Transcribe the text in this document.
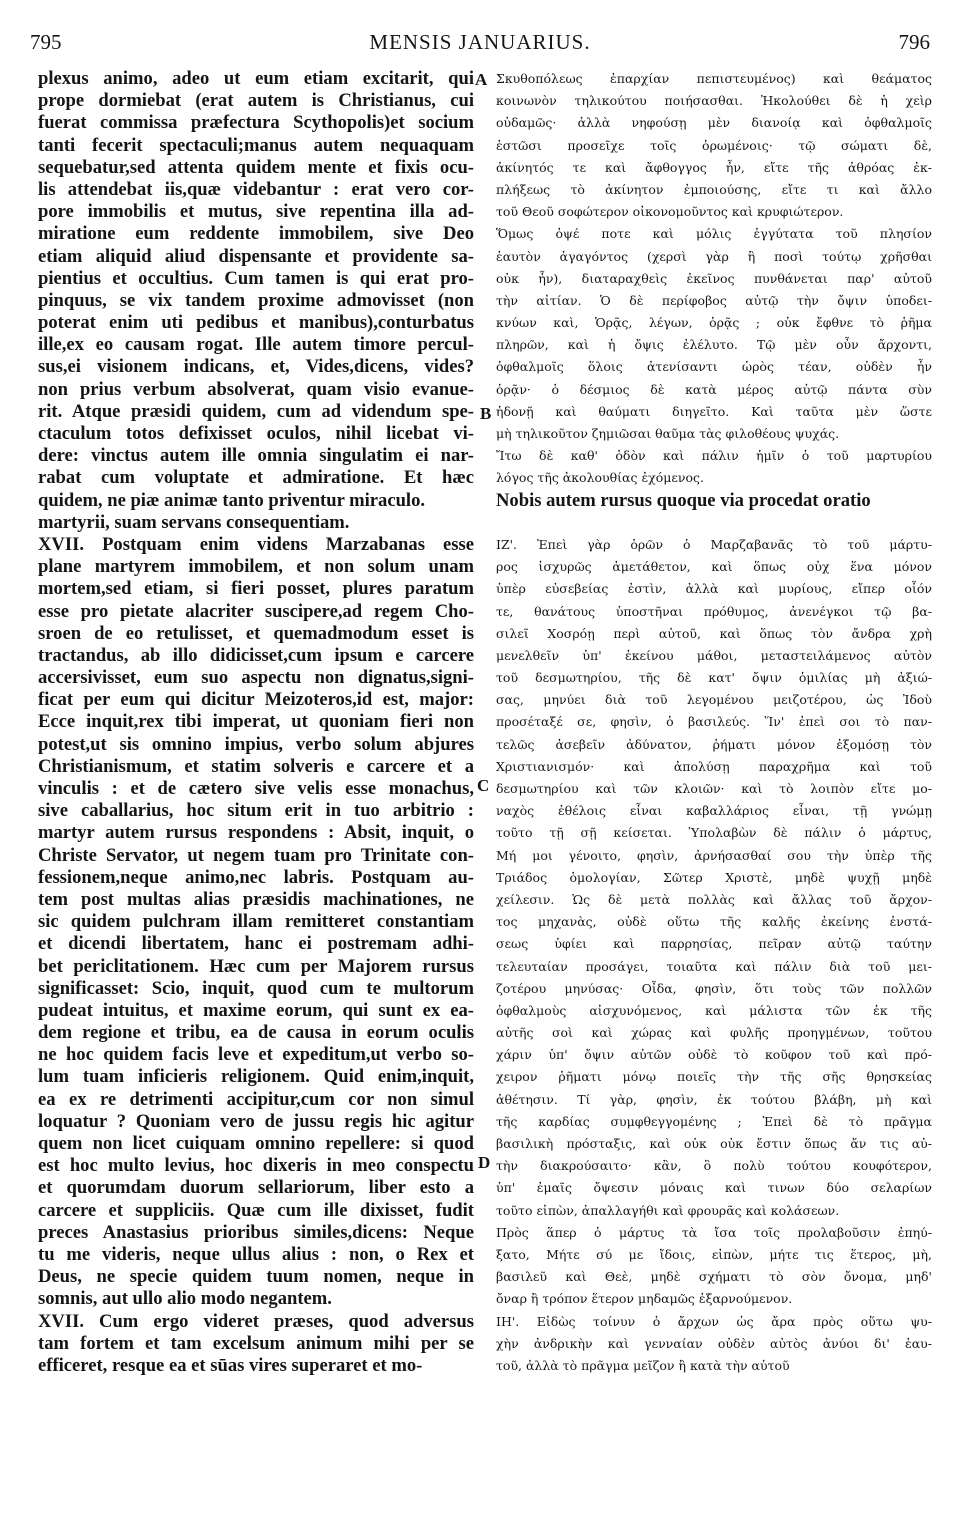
795	MENSIS JANUARIUS.	796
plexus animo, adeo ut eum etiam excitarit, qui
prope dormiebat (erat autem is Christianus, cui
fuerat commissa præfectura Scythopolis)et socium
tanti fecerit spectaculi;manus autem nequaquam
sequebatur,sed attenta quidem mente et fixis ocu-
lis attendebat iis,quæ videbantur : erat vero cor-
pore immobilis et mutus, sive repentina illa ad-
miratione eum reddente immobilem, sive Deo
etiam aliquid aliud dispensante et providente sa-
pientius et occultius. Cum tamen is qui erat pro-
pinquus, se vix tandem proxime admovisset (non
poterat enim uti pedibus et manibus),conturbatus
ille,ex eo causam rogat. Ille autem timore percul-
sus,ei visionem indicans, et, Vides,dicens, vides?
non prius verbum absolverat, quam visio evanue-
rit. Atque præsidi quidem, cum ad videndum spe-
ctaculum totos defixisset oculos, nihil licebat vi-
dere: vinctus autem ille omnia singulatim ei nar-
rabat cum voluptate et admiratione. Et hæc
quidem, ne piæ animæ tanto priventur miraculo.
martyrii, suam servans consequentiam.
XVII. Postquam enim videns Marzabanas esse
plane martyrem immobilem, et non solum unam
mortem,sed etiam, si fieri posset, plures paratum
esse pro pietate alacriter suscipere,ad regem Cho-
sroen de eo retulisset, et quemadmodum esset is
tractandus, ab illo didicisset,cum ipsum e carcere
accersivisset, eum suo aspectu non dignatus,signi-
ficat per eum qui dicitur Meizoteros,id est, major:
Ecce inquit,rex tibi imperat, ut quoniam fieri non
potest,ut sis omnino impius, verbo solum abjures
Christianismum, et statim solveris e carcere et a
vinculis : et de cætero sive velis esse monachus,
sive caballarius, hoc situm erit in tuo arbitrio :
martyr autem rursus respondens : Absit, inquit, o
Christe Servator, ut negem tuam pro Trinitate con-
fessionem,neque animo,nec labris. Postquam au-
tem post multas alias præsidis machinationes, ne
sic quidem pulchram illam remitteret constantiam
et dicendi libertatem, hanc ei postremam adhi-
bet periclitationem. Hæc cum per Majorem rursus
significasset: Scio, inquit, quod cum te multorum
pudeat intuitus, et maxime eorum, qui sunt ex ea-
dem regione et tribu, ea de causa in eorum oculis
ne hoc quidem facis leve et expeditum,ut verbo so-
lum tuam inficieris religionem. Quid enim,inquit,
ea ex re detrimenti accipitur,cum cor non simul
loquatur ? Quoniam vero de jussu regis hic agitur
quem non licet cuiquam omnino repellere: si quod
est hoc multo levius, hoc dixeris in meo conspectu
et quorumdam duorum sellariorum, liber esto a
carcere et suppliciis. Quæ cum ille dixisset, fudit
preces Anastasius prioribus similes,dicens: Neque
tu me videris, neque ullus alius : non, o Rex et
Deus, ne specie quidem tuum nomen, neque in
somnis, aut ullo alio modo negantem.
XVII. Cum ergo videret præses, quod adversus
tam fortem et tam excelsum animum mihi per se
efficeret, resque ea et sūas vires superaret et mo-
Σκυθοπόλεως ἐπαρχίαν πεπιστευμένος) καὶ θεάματος
κοινωνὸν τηλικούτου ποιήσασθαι. Ἠκολούθει δὲ ἡ χεὶρ
οὐδαμῶς· ἀλλὰ νηφούσῃ μὲν διανοίᾳ καὶ ὀφθαλμοῖς
ἑστῶσι προσεῖχε τοῖς ὁρωμένοις· τῷ σώματι δὲ,
ἀκίνητός τε καὶ ἄφθογγος ἦν, εἴτε τῆς ἀθρόας ἐκ-
πλήξεως τὸ ἀκίνητον ἐμποιούσης, εἴτε τι καὶ ἄλλο
τοῦ Θεοῦ σοφώτερον οἰκονομοῦντος καὶ κρυφιώτερον.
Ὅμως ὀψέ ποτε καὶ μόλις ἐγγύτατα τοῦ πλησίον
ἑαυτὸν ἀγαγόντος (χερσὶ γὰρ ἢ ποσὶ τούτῳ χρῆσθαι
οὐκ ἦν), διαταραχθεὶς ἐκεῖνος πυνθάνεται παρ' αὐτοῦ
τὴν αἰτίαν. Ὁ δὲ περίφοβος αὐτῷ τὴν ὄψιν ὑποδει-
κνύων καὶ, Ὁρᾷς, λέγων, ὁρᾷς ; οὐκ ἔφθνε τὸ ῥῆμα
πληρῶν, καὶ ἡ ὄψις ἐλέλυτο. Τῷ μὲν οὖν ἄρχοντι,
ὀφθαλμοῖς ὅλοις ἀτενίσαντι ὡρὸς τέαν, οὐδὲν ἦν
ὁρᾷν· ὁ δέσμιος δὲ κατὰ μέρος αὐτῷ πάντα σὺν
ἡδονῇ καὶ θαύματι διηγεῖτο. Καὶ ταῦτα μὲν ὥστε
μὴ τηλικοῦτον ζημιῶσαι θαῦμα τὰς φιλοθέους ψυχάς.
Ἴτω δὲ καθ' ὁδὸν καὶ πάλιν ἡμῖν ὁ τοῦ μαρτυρίου
λόγος τῆς ἀκολουθίας ἐχόμενος.
Nobis autem rursus quoque via procedat oratio
ΙΖ'. Ἐπεὶ γὰρ ὁρῶν ὁ Μαρζαβανᾶς τὸ τοῦ μάρτυ-
ρος ἰσχυρῶς ἀμετάθετον, καὶ ὅπως οὐχ ἕνα μόνον
ὑπὲρ εὐσεβείας ἐστὶν, ἀλλὰ καὶ μυρίους, εἴπερ οἷόν
τε, θανάτους ὑποστῆναι πρόθυμος, ἀνενέγκοι τῷ βα-
σιλεῖ Χοσρόῃ περὶ αὐτοῦ, καὶ ὅπως τὸν ἄνδρα χρὴ
μενελθεῖν ὑπ' ἐκείνου μάθοι, μεταστειλάμενος αὐτὸν
τοῦ δεσμωτηρίου, τῆς δὲ κατ' ὄψιν ὁμιλίας μὴ ἀξιώ-
σας, μηνύει διὰ τοῦ λεγομένου μειζοτέρου, ὡς Ἰδοὺ
προσέταξέ σε, φησὶν, ὁ βασιλεύς. Ἵν' ἐπεὶ σοι τὸ παν-
τελῶς ἀσεβεῖν ἀδύνατον, ῥήματι μόνον ἐξομόσῃ τὸν
Χριστιανισμόν· καὶ ἀπολύσῃ παραχρῆμα καὶ τοῦ
δεσμωτηρίου καὶ τῶν κλοιῶν· καὶ τὸ λοιπὸν εἴτε μο-
ναχὸς ἐθέλοις εἶναι καβαλλάριος εἶναι, τῇ γνώμῃ
τοῦτο τῇ σῇ κείσεται. Ὑπολαβὼν δὲ πάλιν ὁ μάρτυς,
Μή μοι γένοιτο, φησὶν, ἀρνήσασθαί σου τὴν ὑπὲρ τῆς
Τριάδος ὁμολογίαν, Σῶτερ Χριστὲ, μηδὲ ψυχῇ μηδὲ
χείλεσιν. Ὡς δὲ μετὰ πολλὰς καὶ ἄλλας τοῦ ἄρχον-
τος μηχανὰς, οὐδὲ οὕτω τῆς καλῆς ἐκείνης ἐνστά-
σεως ὑφίει καὶ παρρησίας, πεῖραν αὐτῷ ταύτην
τελευταίαν προσάγει, τοιαῦτα καὶ πάλιν διὰ τοῦ μει-
ζοτέρου μηνύσας· Οἶδα, φησὶν, ὅτι τοὺς τῶν πολλῶν
ὀφθαλμοὺς αἰσχυνόμενος, καὶ μάλιστα τῶν ἐκ τῆς
αὐτῆς σοὶ καὶ χώρας καὶ φυλῆς προηγμένων, τοῦτου
χάριν ὑπ' ὄψιν αὐτῶν οὐδὲ τὸ κοῦφον τοῦ καὶ πρό-
χειρον ῥῆματι μόνῳ ποιεῖς τὴν τῆς σῆς θρησκείας
ἀθέτησιν. Τί γὰρ, φησὶν, ἐκ τούτου βλάβη, μὴ καὶ
τῆς καρδίας συμφθεγγομένης ; Ἐπεὶ δὲ τὸ πρᾶγμα
βασιλικὴ πρόσταξις, καὶ οὐκ οὐκ ἔστιν ὅπως ἄν τις αὐ-
τὴν διακρούσαιτο· κἂν, ὃ πολὺ τούτου κουφότερον,
ὑπ' ἐμαῖς ὄψεσιν μόναις καὶ τινων δύο σελαρίων
τοῦτο εἰπὼν, ἀπαλλαγήθι καὶ φρουρᾶς καὶ κολάσεων.
Πρὸς ἅπερ ὁ μάρτυς τὰ ἴσα τοῖς προλαβοῦσιν ἐπηύ-
ξατο, Μήτε σύ με ἴδοις, εἰπὼν, μήτε τις ἕτερος, μὴ,
βασιλεῦ καὶ Θεὲ, μηδὲ σχήματι τὸ σὸν ὄνομα, μηδ'
ὄναρ ἢ τρόπον ἕτερον μηδαμῶς ἐξαρνούμενον.
ΙΗ'. Εἰδὼς τοίνυν ὁ ἄρχων ὡς ἄρα πρὸς οὕτω ψυ-
χὴν ἀνδρικὴν καὶ γενναίαν οὐδὲν αὐτὸς ἀνύοι δι' ἑαυ-
τοῦ, ἀλλὰ τὸ πρᾶγμα μεῖζον ἢ κατὰ τὴν αὐτοῦ
A
B
C
D
